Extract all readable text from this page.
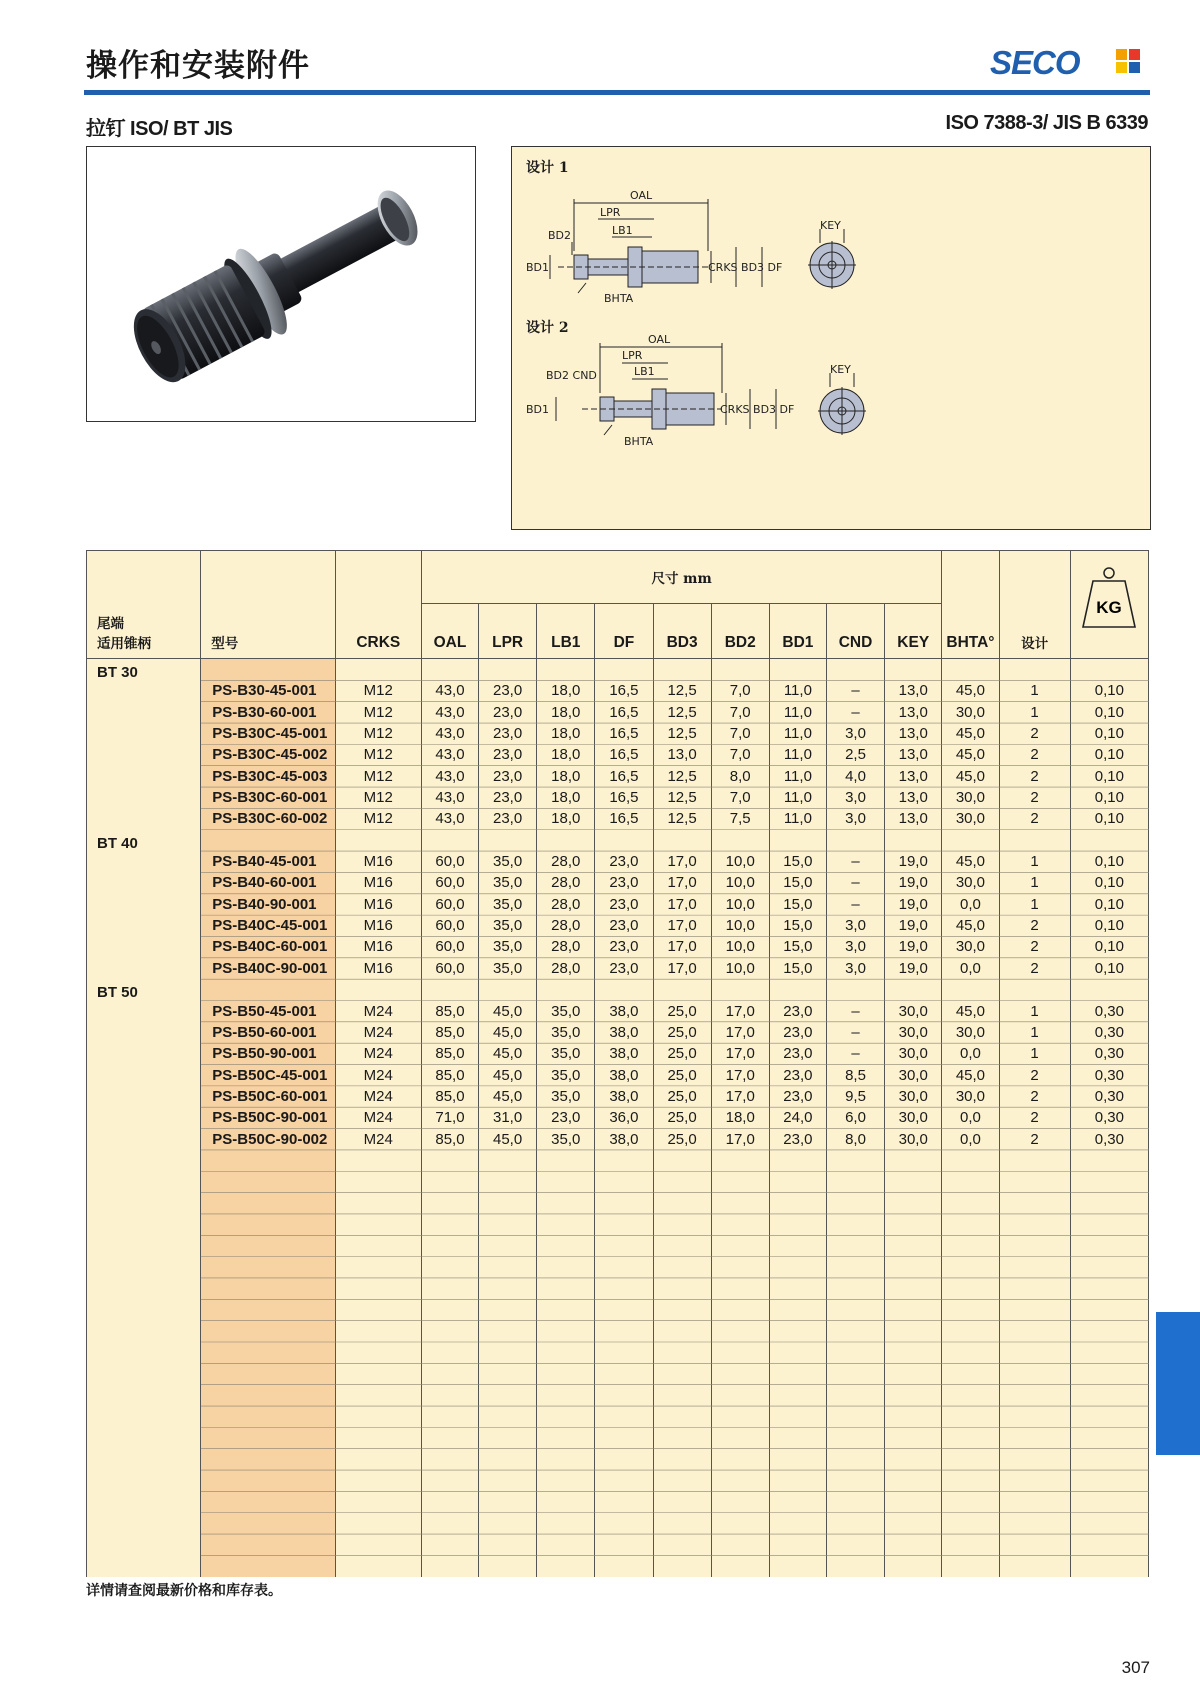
操作和安装附件	SECO
拉钉 ISO/ BT JIS	ISO 7388-3/ JIS B 6339
设计 1
设计 2
OAL
LPR
LB1
BD2
BD1	CRKS BD3 DF
BHTA
KEY
OAL
LPR
LB1
BD2 CND
BD1	CRKS BD3 DF
BHTA
KEY
尾端
适用锥柄	型号	CRKS	尺寸 mm									BHTA°	设计	KG

			OAL	LPR	LB1	DF	BD3	BD2	BD1	CND	KEY			

BT 30														

	PS-B30-45-001	M12	43,0	23,0	18,0	16,5	12,5	7,0	11,0	–	13,0	45,0	1	0,10
	PS-B30-60-001	M12	43,0	23,0	18,0	16,5	12,5	7,0	11,0	–	13,0	30,0	1	0,10
	PS-B30C-45-001	M12	43,0	23,0	18,0	16,5	12,5	7,0	11,0	3,0	13,0	45,0	2	0,10
	PS-B30C-45-002	M12	43,0	23,0	18,0	16,5	13,0	7,0	11,0	2,5	13,0	45,0	2	0,10
	PS-B30C-45-003	M12	43,0	23,0	18,0	16,5	12,5	8,0	11,0	4,0	13,0	45,0	2	0,10
	PS-B30C-60-001	M12	43,0	23,0	18,0	16,5	12,5	7,0	11,0	3,0	13,0	30,0	2	0,10
	PS-B30C-60-002	M12	43,0	23,0	18,0	16,5	12,5	7,5	11,0	3,0	13,0	30,0	2	0,10

BT 40														

	PS-B40-45-001	M16	60,0	35,0	28,0	23,0	17,0	10,0	15,0	–	19,0	45,0	1	0,10
	PS-B40-60-001	M16	60,0	35,0	28,0	23,0	17,0	10,0	15,0	–	19,0	30,0	1	0,10
	PS-B40-90-001	M16	60,0	35,0	28,0	23,0	17,0	10,0	15,0	–	19,0	0,0	1	0,10
	PS-B40C-45-001	M16	60,0	35,0	28,0	23,0	17,0	10,0	15,0	3,0	19,0	45,0	2	0,10
	PS-B40C-60-001	M16	60,0	35,0	28,0	23,0	17,0	10,0	15,0	3,0	19,0	30,0	2	0,10
	PS-B40C-90-001	M16	60,0	35,0	28,0	23,0	17,0	10,0	15,0	3,0	19,0	0,0	2	0,10

BT 50														

	PS-B50-45-001	M24	85,0	45,0	35,0	38,0	25,0	17,0	23,0	–	30,0	45,0	1	0,30
	PS-B50-60-001	M24	85,0	45,0	35,0	38,0	25,0	17,0	23,0	–	30,0	30,0	1	0,30
	PS-B50-90-001	M24	85,0	45,0	35,0	38,0	25,0	17,0	23,0	–	30,0	0,0	1	0,30
	PS-B50C-45-001	M24	85,0	45,0	35,0	38,0	25,0	17,0	23,0	8,5	30,0	45,0	2	0,30
	PS-B50C-60-001	M24	85,0	45,0	35,0	38,0	25,0	17,0	23,0	9,5	30,0	30,0	2	0,30
	PS-B50C-90-001	M24	71,0	31,0	23,0	36,0	25,0	18,0	24,0	6,0	30,0	0,0	2	0,30
	PS-B50C-90-002	M24	85,0	45,0	35,0	38,0	25,0	17,0	23,0	8,0	30,0	0,0	2	0,30

详情请查阅最新价格和库存表。
307
